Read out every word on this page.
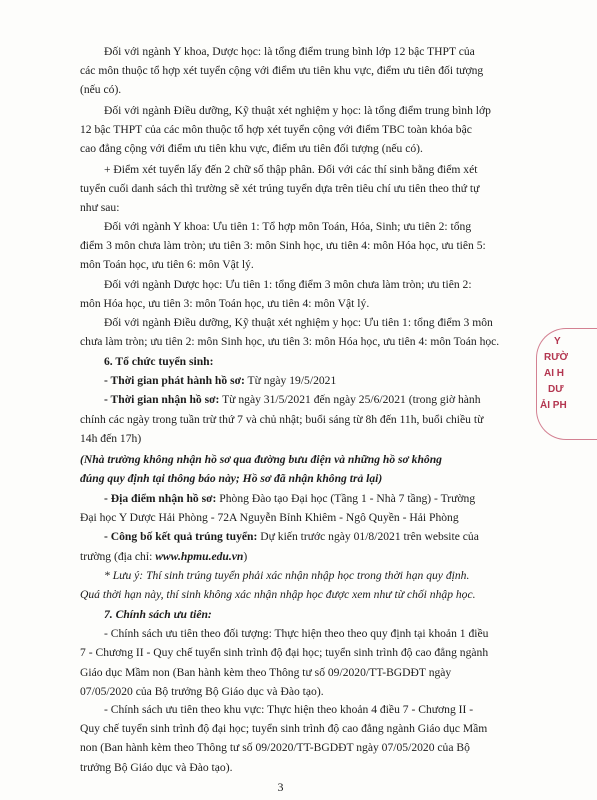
Đối với ngành Y khoa, Dược học: là tổng điểm trung bình lớp 12 bậc THPT của
các môn thuộc tổ hợp xét tuyển cộng với điểm ưu tiên khu vực, điểm ưu tiên đối tượng
(nếu có).

Đối với ngành Điều dưỡng, Kỹ thuật xét nghiệm y học: là tổng điểm trung bình lớp
12 bậc THPT của các môn thuộc tổ hợp xét tuyển cộng với điểm TBC toàn khóa bậc
cao đẳng cộng với điểm ưu tiên khu vực, điểm ưu tiên đối tượng (nếu có).

+ Điểm xét tuyển lấy đến 2 chữ số thập phân. Đối với các thí sinh bằng điểm xét
tuyển cuối danh sách thì trường sẽ xét trúng tuyển dựa trên tiêu chí ưu tiên theo thứ tự
như sau:

Đối với ngành Y khoa: Ưu tiên 1: Tổ hợp môn Toán, Hóa, Sinh; ưu tiên 2: tổng
điểm 3 môn chưa làm tròn; ưu tiên 3: môn Sinh học, ưu tiên 4: môn Hóa học, ưu tiên 5:
môn Toán học, ưu tiên 6: môn Vật lý.

Đối với ngành Dược học: Ưu tiên 1: tổng điểm 3 môn chưa làm tròn; ưu tiên 2:
môn Hóa học, ưu tiên 3: môn Toán học, ưu tiên 4: môn Vật lý.

Đối với ngành Điều dưỡng, Kỹ thuật xét nghiệm y học: Ưu tiên 1: tổng điểm 3 môn
chưa làm tròn; ưu tiên 2: môn Sinh học, ưu tiên 3: môn Hóa học, ưu tiên 4: môn Toán học.

6. Tổ chức tuyển sinh:
- Thời gian phát hành hồ sơ: Từ ngày 19/5/2021
- Thời gian nhận hồ sơ: Từ ngày 31/5/2021 đến ngày 25/6/2021 (trong giờ hành
chính các ngày trong tuần trừ thứ 7 và chủ nhật; buổi sáng từ 8h đến 11h, buổi chiều từ
14h đến 17h)

(Nhà trường không nhận hồ sơ qua đường bưu điện và những hồ sơ không
đúng quy định tại thông báo này; Hồ sơ đã nhận không trả lại)

- Địa điểm nhận hồ sơ: Phòng Đào tạo Đại học (Tầng 1 - Nhà 7 tầng) - Trường
Đại học Y Dược Hải Phòng - 72A Nguyễn Bỉnh Khiêm - Ngô Quyền - Hải Phòng
- Công bố kết quả trúng tuyển: Dự kiến trước ngày 01/8/2021 trên website của
trường (địa chỉ: www.hpmu.edu.vn)

* Lưu ý: Thí sinh trúng tuyển phải xác nhận nhập học trong thời hạn quy định.
Quá thời hạn này, thí sinh không xác nhận nhập học được xem như từ chối nhập học.

7. Chính sách ưu tiên:
- Chính sách ưu tiên theo đối tượng: Thực hiện theo theo quy định tại khoản 1 điều
7 - Chương II - Quy chế tuyển sinh trình độ đại học; tuyển sinh trình độ cao đẳng ngành
Giáo dục Mầm non (Ban hành kèm theo Thông tư số 09/2020/TT-BGDĐT ngày
07/05/2020 của Bộ trưởng Bộ Giáo dục và Đào tạo).

- Chính sách ưu tiên theo khu vực: Thực hiện theo khoản 4 điều 7 - Chương II -
Quy chế tuyển sinh trình độ đại học; tuyển sinh trình độ cao đẳng ngành Giáo dục Mầm
non (Ban hành kèm theo Thông tư số 09/2020/TT-BGDĐT ngày 07/05/2020 của Bộ
trưởng Bộ Giáo dục và Đào tạo).

Y
RƯỜ
AI H
DƯ
ẢI PH
3
